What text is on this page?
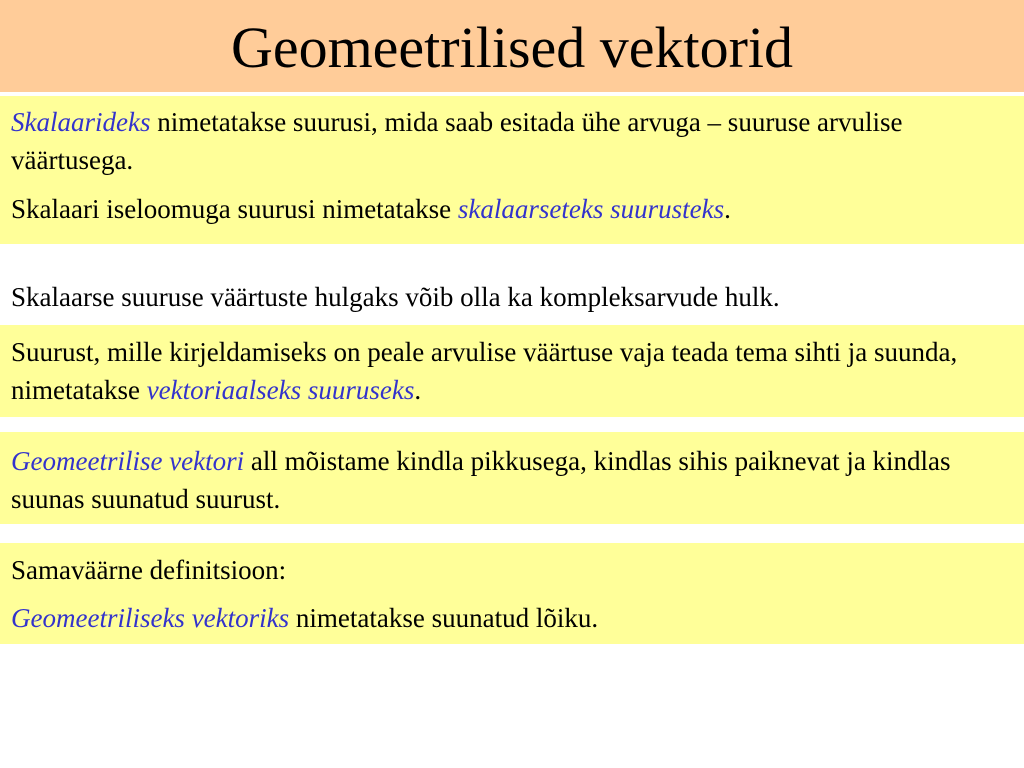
Geomeetrilised vektorid

Skalaarideks nimetatakse suurusi, mida saab esitada ühe arvuga – suuruse arvulise väärtusega.

Skalaari iseloomuga suurusi nimetatakse skalaarseteks suurusteks.

Skalaarse suuruse väärtuste hulgaks võib olla ka kompleksarvude hulk.

Suurust, mille kirjeldamiseks on peale arvulise väärtuse vaja teada tema sihti ja suunda, nimetatakse vektoriaalseks suuruseks.

Geomeetrilise vektori all mõistame kindla pikkusega, kindlas sihis paiknevat ja kindlas suunas suunatud suurust.

Samaväärne definitsioon:

Geomeetriliseks vektoriks nimetatakse suunatud lõiku.
